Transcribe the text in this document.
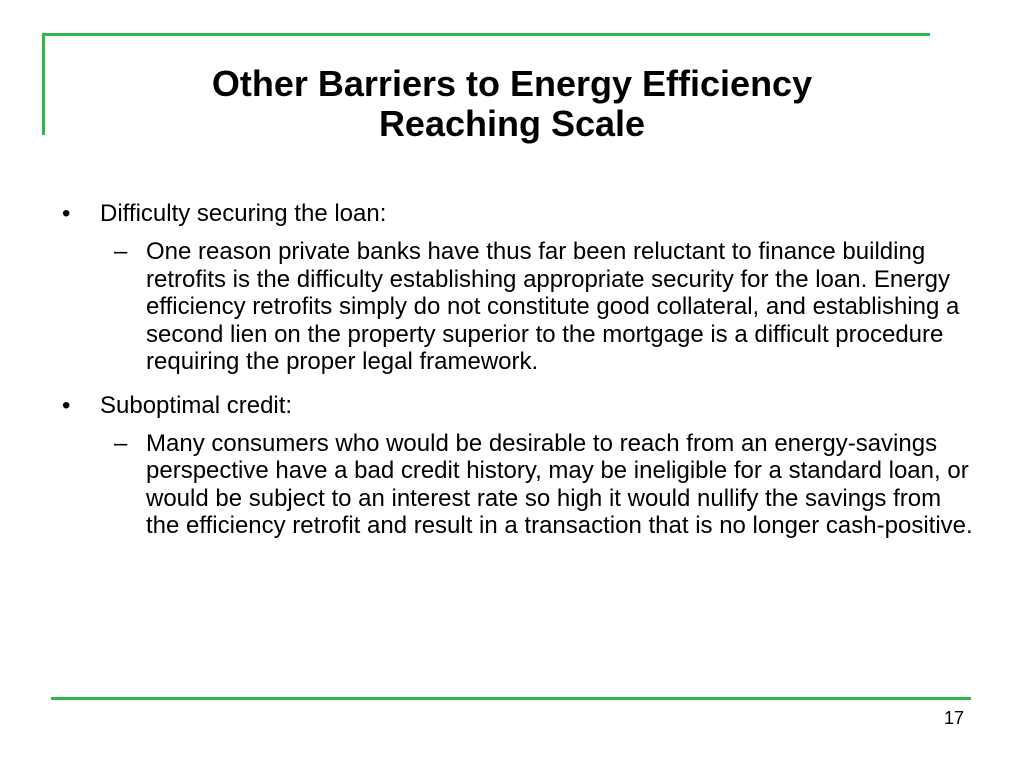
Other Barriers to Energy Efficiency
Reaching Scale
• Difficulty securing the loan:
– One reason private banks have thus far been reluctant to finance building retrofits is the difficulty establishing appropriate security for the loan. Energy efficiency retrofits simply do not constitute good collateral, and establishing a second lien on the property superior to the mortgage is a difficult procedure requiring the proper legal framework.
• Suboptimal credit:
– Many consumers who would be desirable to reach from an energy-savings perspective have a bad credit history, may be ineligible for a standard loan, or would be subject to an interest rate so high it would nullify the savings from the efficiency retrofit and result in a transaction that is no longer cash-positive.
17
